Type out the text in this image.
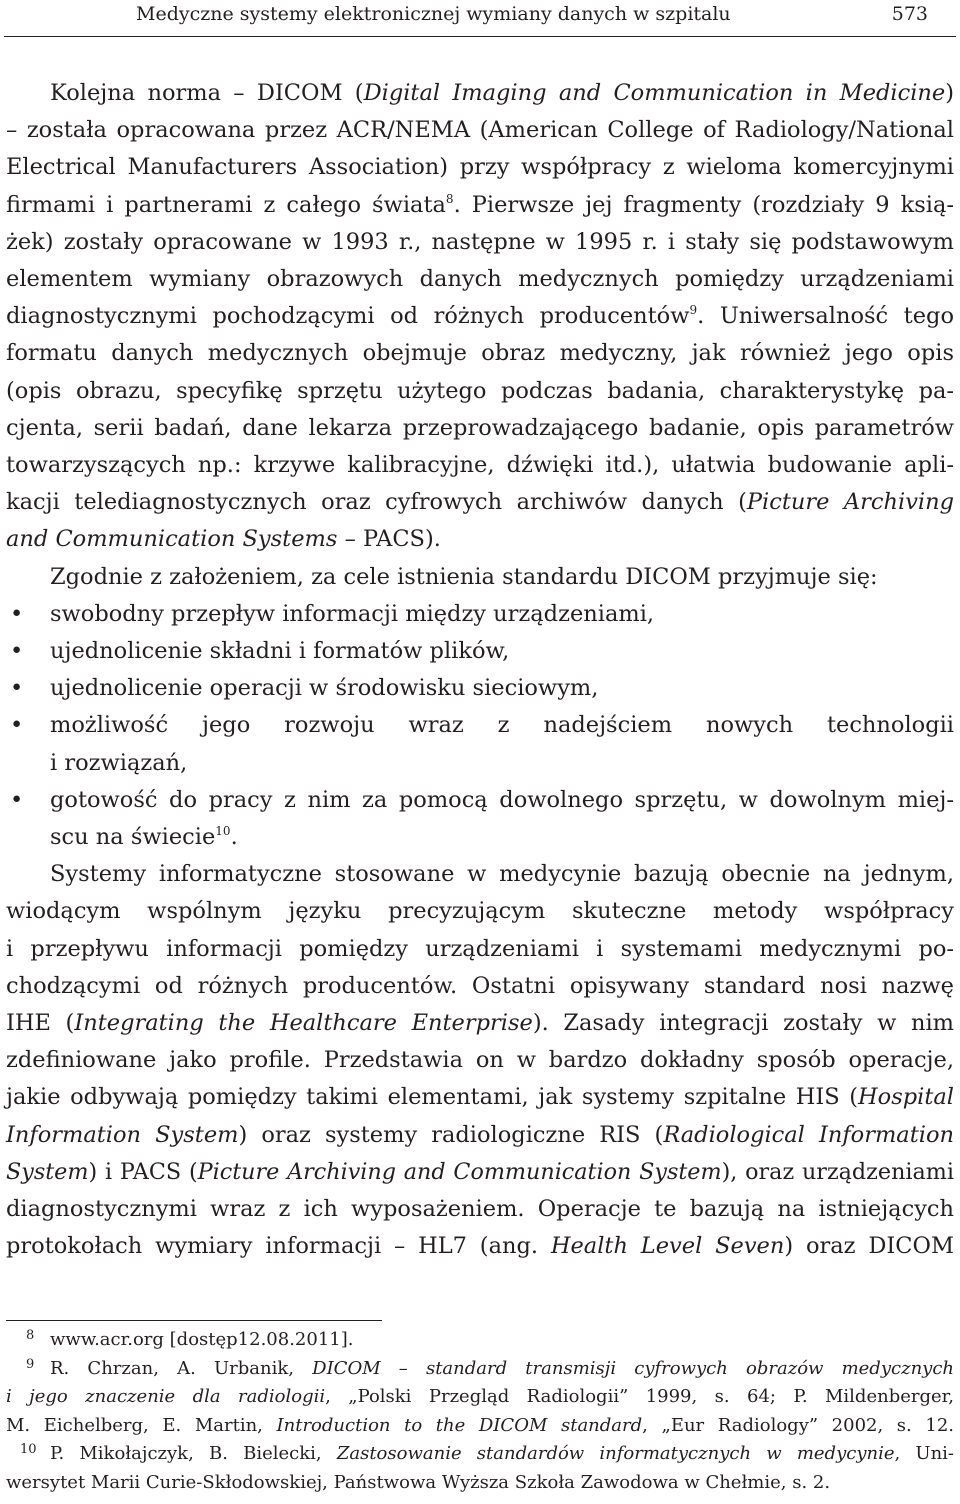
Medyczne systemy elektronicznej wymiany danych w szpitalu	573
Kolejna norma – DICOM (Digital Imaging and Communication in Medicine)
– została opracowana przez ACR/NEMA (American College of Radiology/National
Electrical Manufacturers Association) przy współpracy z wieloma komercyjnymi
firmami i partnerami z całego świata$^8$. Pierwsze jej fragmenty (rozdziały 9 ksią-
żek) zostały opracowane w 1993 r., następne w 1995 r. i stały się podstawowym
elementem wymiany obrazowych danych medycznych pomiędzy urządzeniami
diagnostycznymi pochodzącymi od różnych producentów$^9$. Uniwersalność tego
formatu danych medycznych obejmuje obraz medyczny, jak również jego opis
(opis obrazu, specyfikę sprzętu użytego podczas badania, charakterystykę pa-
cjenta, serii badań, dane lekarza przeprowadzającego badanie, opis parametrów
towarzyszących np.: krzywe kalibracyjne, dźwięki itd.), ułatwia budowanie apli-
kacji telediagnostycznych oraz cyfrowych archiwów danych (Picture Archiving
and Communication Systems – PACS).
Zgodnie z założeniem, za cele istnienia standardu DICOM przyjmuje się:
• swobodny przepływ informacji między urządzeniami,
• ujednolicenie składni i formatów plików,
• ujednolicenie operacji w środowisku sieciowym,
• możliwość jego rozwoju wraz z nadejściem nowych technologii
i rozwiązań,
• gotowość do pracy z nim za pomocą dowolnego sprzętu, w dowolnym miej-
scu na świecie$^{10}$.
Systemy informatyczne stosowane w medycynie bazują obecnie na jednym,
wiodącym wspólnym języku precyzującym skuteczne metody współpracy
i przepływu informacji pomiędzy urządzeniami i systemami medycznymi po-
chodzącymi od różnych producentów. Ostatni opisywany standard nosi nazwę
IHE (Integrating the Healthcare Enterprise). Zasady integracji zostały w nim
zdefiniowane jako profile. Przedstawia on w bardzo dokładny sposób operacje,
jakie odbywają pomiędzy takimi elementami, jak systemy szpitalne HIS (Hospital
Information System) oraz systemy radiologiczne RIS (Radiological Information
System) i PACS (Picture Archiving and Communication System), oraz urządzeniami
diagnostycznymi wraz z ich wyposażeniem. Operacje te bazują na istniejących
protokołach wymiary informacji – HL7 (ang. Health Level Seven) oraz DICOM
8 www.acr.org [dostęp12.08.2011].
9 R. Chrzan, A. Urbanik, DICOM – standard transmisji cyfrowych obrazów medycznych
i jego znaczenie dla radiologii, „Polski Przegląd Radiologii” 1999, s. 64; P. Mildenberger,
M. Eichelberg, E. Martin, Introduction to the DICOM standard, „Eur Radiology” 2002, s. 12.
10 P. Mikołajczyk, B. Bielecki, Zastosowanie standardów informatycznych w medycynie, Uni-
wersytet Marii Curie-Skłodowskiej, Państwowa Wyższa Szkoła Zawodowa w Chełmie, s. 2.
